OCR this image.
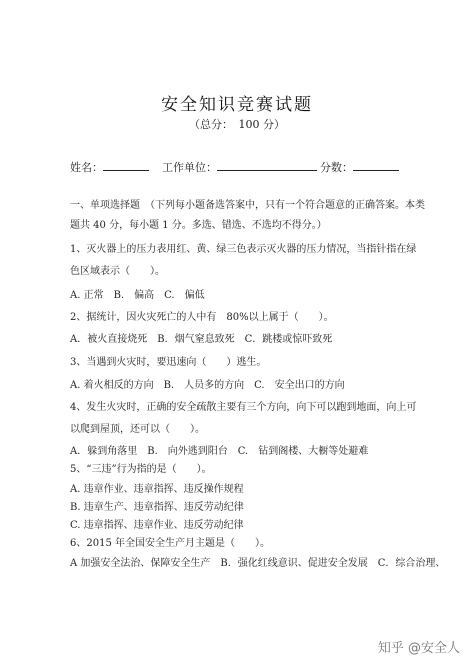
安全知识竞赛试题
（总分：　100 分）
姓名：	工作单位：	分数：
一、单项选择题　（下列每小题备选答案中，只有一个符合题意的正确答案。本类
题共 40 分，每小题 1 分。多选、错选、不选均不得分。）
1、灭火器上的压力表用红、黄、绿三色表示灭火器的压力情况，当指针指在绿
色区域表示（　　）。
A. 正常　B.　偏高　C.　偏低
2、据统计，因火灾死亡的人中有　80%以上属于（　　）。
A．被火直接烧死　B．烟气窒息致死　C．跳楼或惊吓致死
3、当遇到火灾时，要迅速向（　　）逃生。
A. 着火相反的方向　B.　人员多的方向　C.　安全出口的方向
4、发生火灾时，正确的安全疏散主要有三个方向，向下可以跑到地面，向上可
以爬到屋顶，还可以（　　）。
A．躲到角落里　B.　向外逃到阳台　C.　钻到阁楼、大橱等处避难
5、“三违”行为指的是（　　）。
A. 违章作业、违章指挥、违反操作规程
B. 违章生产、违章指挥、违反劳动纪律
C. 违章指挥、违章作业、违反劳动纪律
6、2015 年全国安全生产月主题是（　　）。
A 加强安全法治、保障安全生产　B．强化红线意识、促进安全发展　C．综合治理、
知乎 @安全人
